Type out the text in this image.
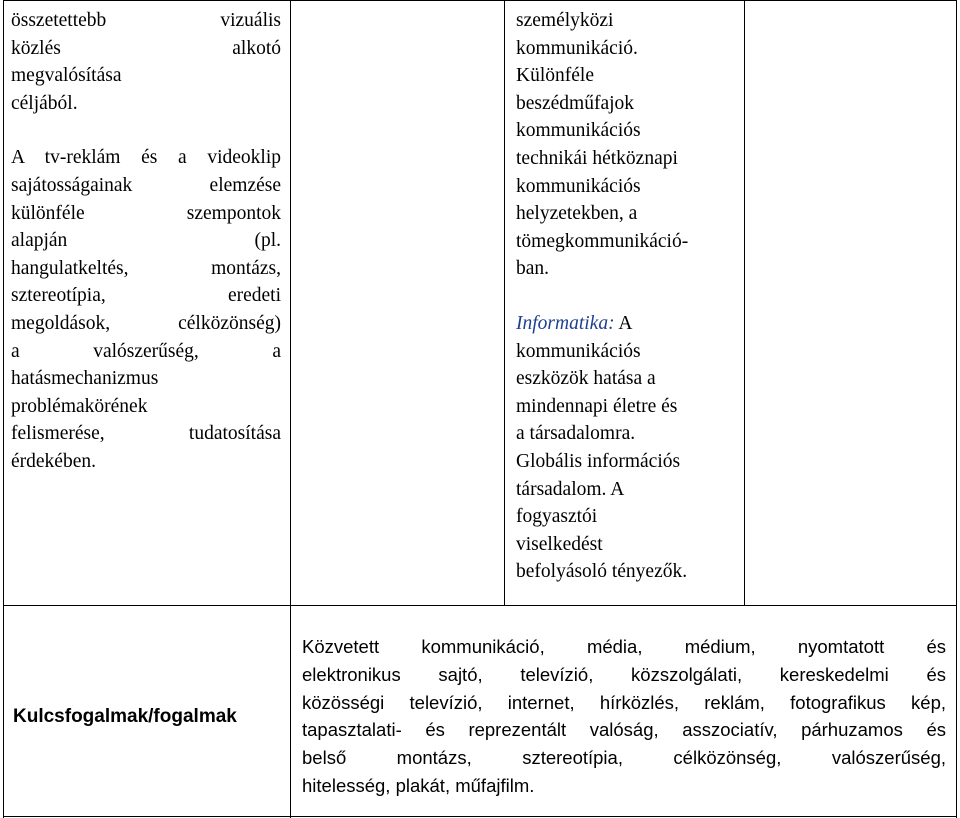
összetettebb vizuális
közlés alkotó
megvalósítása
céljából.
A tv-reklám és a videoklip
sajátosságainak elemzése
különféle szempontok
alapján (pl.
hangulatkeltés, montázs,
sztereotípia, eredeti
megoldások, célközönség)
a valószerűség, a
hatásmechanizmus
problémakörének
felismerése, tudatosítása
érdekében.
személyközi
kommunikáció.
Különféle
beszédműfajok
kommunikációs
technikái hétköznapi
kommunikációs
helyzetekben, a
tömegkommunikáció-
ban.
Informatika: A
kommunikációs
eszközök hatása a
mindennapi életre és
a társadalomra.
Globális információs
társadalom. A
fogyasztói
viselkedést
befolyásoló tényezők.
Kulcsfogalmak/fogalmak
Közvetett kommunikáció, média, médium, nyomtatott és
elektronikus sajtó, televízió, közszolgálati, kereskedelmi és
közösségi televízió, internet, hírközlés, reklám, fotografikus kép,
tapasztalati- és reprezentált valóság, asszociatív, párhuzamos és
belső montázs, sztereotípia, célközönség, valószerűség,
hitelesség, plakát, műfajfilm.
